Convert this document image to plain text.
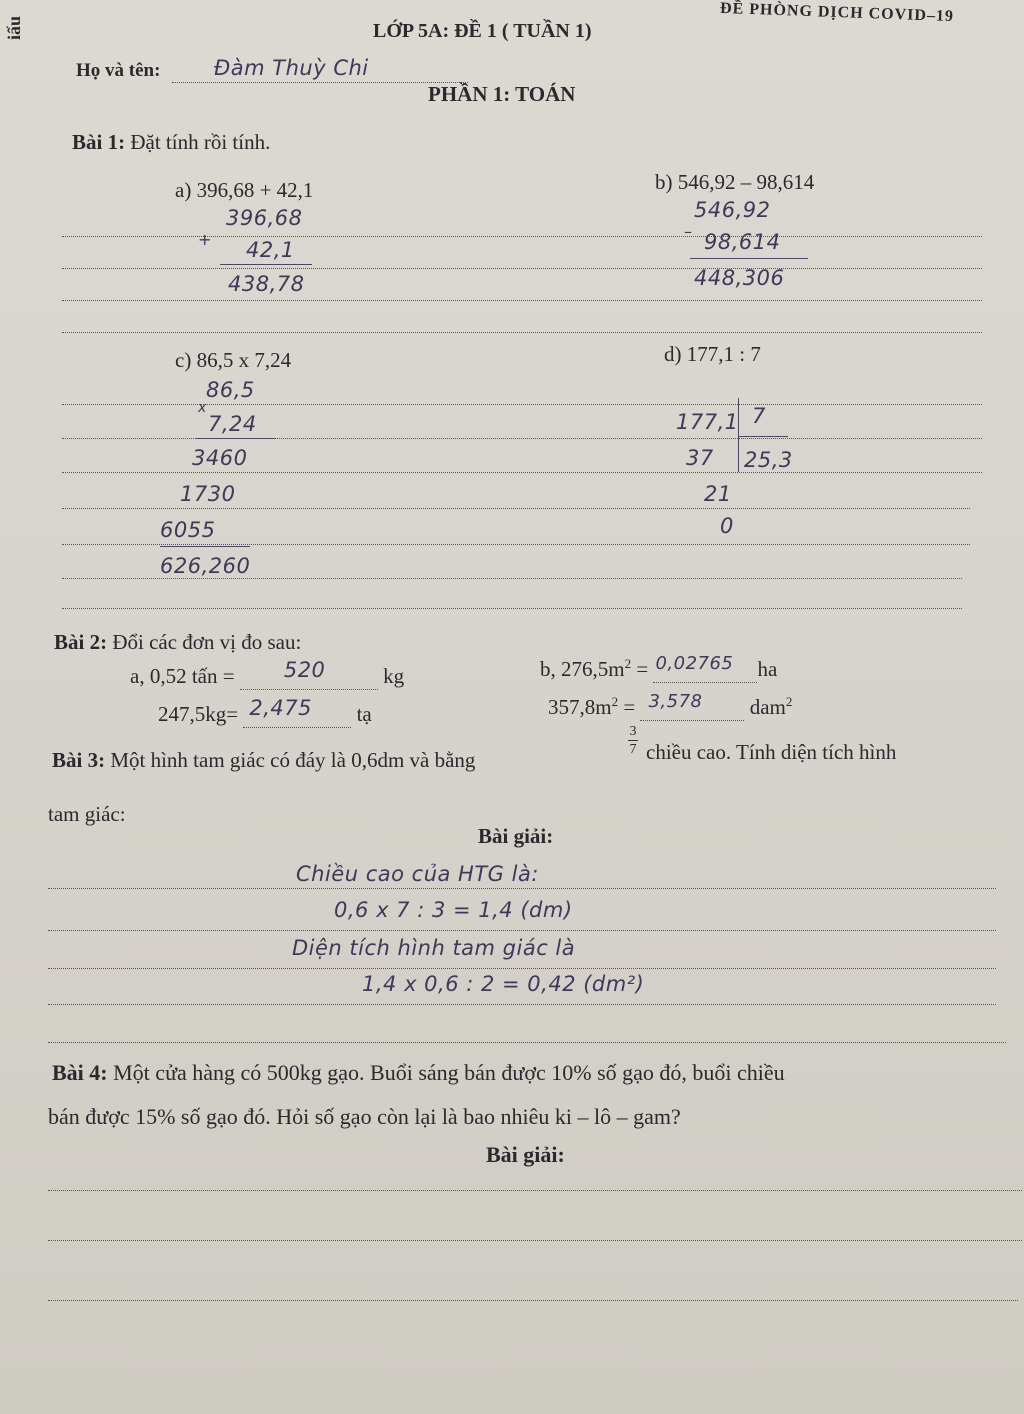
iấu
ĐỀ PHÒNG DỊCH COVID–19
LỚP 5A: ĐỀ 1 ( TUẦN 1)
Họ và tên:	Đàm Thuỳ Chi
PHẦN 1: TOÁN
Bài 1: Đặt tính rồi tính.
a) 396,68 + 42,1	b) 546,92 – 98,614
396,68
+ 42,1
438,78
546,92
– 98,614
448,306
c) 86,5 x 7,24	d) 177,1 : 7
86,5
x
7,24
3460
1730
6055
626,260
177,1 7
37 25,3
21
0
Bài 2: Đổi các đơn vị đo sau:
a, 0,52 tấn = 520 kg
247,5kg= 2,475 tạ
b, $276,5m^2 = 0,02765$ ha
$357,8m^2 = 3,578$ dam$^2$
Bài 3: Một hình tam giác có đáy là 0,6dm và bằng
3
7 chiều cao. Tính diện tích hình
tam giác:
Bài giải:
Chiều cao của HTG là:
0,6 x 7 : 3 = 1,4 (dm)
Diện tích hình tam giác là
1,4 x 0,6 : 2 = 0,42 (dm²)
Bài 4: Một cửa hàng có 500kg gạo. Buổi sáng bán được 10% số gạo đó, buổi chiều
bán được 15% số gạo đó. Hỏi số gạo còn lại là bao nhiêu ki – lô – gam?
Bài giải:
